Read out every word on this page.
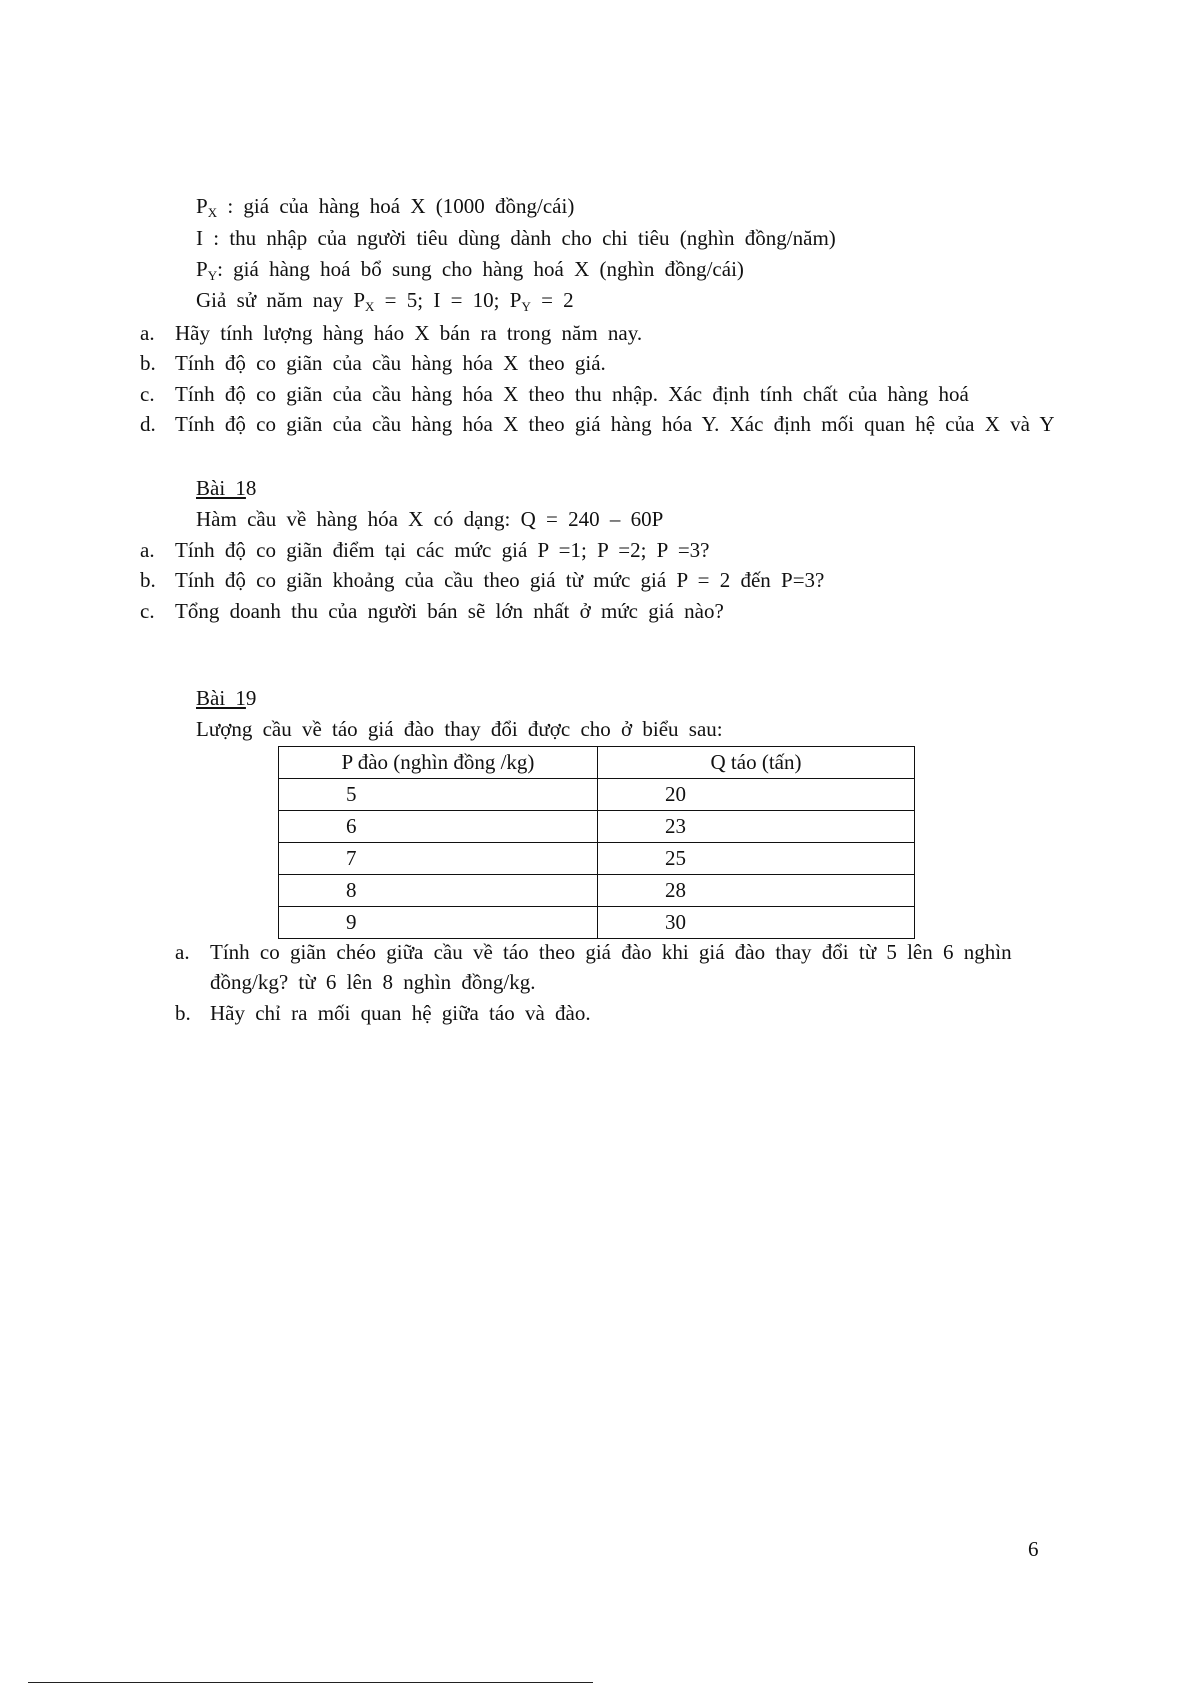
PX : giá của hàng hoá X (1000 đồng/cái)
I : thu nhập của người tiêu dùng dành cho chi tiêu (nghìn đồng/năm)
PY: giá hàng hoá bổ sung cho hàng hoá X (nghìn đồng/cái)
Giả sử năm nay PX = 5; I = 10; PY = 2
a. Hãy tính lượng hàng háo X bán ra trong năm nay.
b. Tính độ co giãn của cầu hàng hóa X theo giá.
c. Tính độ co giãn của cầu hàng hóa X theo thu nhập. Xác định tính chất của hàng hoá
d. Tính độ co giãn của cầu hàng hóa X theo giá hàng hóa Y. Xác định mối quan hệ của X và Y
Bài 18
Hàm cầu về hàng hóa X có dạng: Q = 240 – 60P
a. Tính độ co giãn điểm tại các mức giá P =1; P =2; P =3?
b. Tính độ co giãn khoảng của cầu theo giá từ mức giá P = 2 đến P=3?
c. Tổng doanh thu của người bán sẽ lớn nhất ở mức giá nào?
Bài 19
Lượng cầu về táo giá đào thay đổi được cho ở biểu sau:
P đào (nghìn đồng /kg)	Q táo (tấn)

5	20

6	23

7	25

8	28

9	30
a. Tính co giãn chéo giữa cầu về táo theo giá đào khi giá đào thay đổi từ 5 lên 6 nghìn
đồng/kg? từ 6 lên 8 nghìn đồng/kg.
b. Hãy chỉ ra mối quan hệ giữa táo và đào.
6
